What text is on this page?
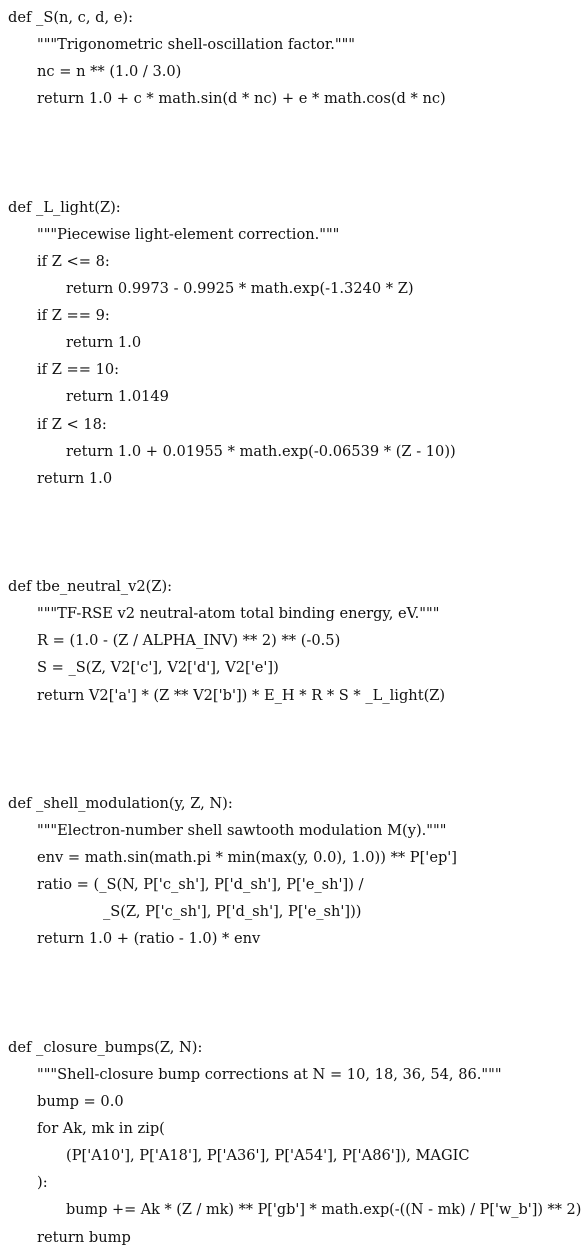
def _S(n, c, d, e):
"""Trigonometric shell-oscillation factor."""
nc = n ** (1.0 / 3.0)
return 1.0 + c * math.sin(d * nc) + e * math.cos(d * nc)
def _L_light(Z):
"""Piecewise light-element correction."""
if Z <= 8:
return 0.9973 - 0.9925 * math.exp(-1.3240 * Z)
if Z == 9:
return 1.0
if Z == 10:
return 1.0149
if Z < 18:
return 1.0 + 0.01955 * math.exp(-0.06539 * (Z - 10))
return 1.0
def tbe_neutral_v2(Z):
"""TF-RSE v2 neutral-atom total binding energy, eV."""
R = (1.0 - (Z / ALPHA_INV) ** 2) ** (-0.5)
S = _S(Z, V2['c'], V2['d'], V2['e'])
return V2['a'] * (Z ** V2['b']) * E_H * R * S * _L_light(Z)
def _shell_modulation(y, Z, N):
"""Electron-number shell sawtooth modulation M(y)."""
env = math.sin(math.pi * min(max(y, 0.0), 1.0)) ** P['ep']
ratio = (_S(N, P['c_sh'], P['d_sh'], P['e_sh']) /
_S(Z, P['c_sh'], P['d_sh'], P['e_sh']))
return 1.0 + (ratio - 1.0) * env
def _closure_bumps(Z, N):
"""Shell-closure bump corrections at N = 10, 18, 36, 54, 86."""
bump = 0.0
for Ak, mk in zip(
(P['A10'], P['A18'], P['A36'], P['A54'], P['A86']), MAGIC
):
bump += Ak * (Z / mk) ** P['gb'] * math.exp(-((N - mk) / P['w_b']) ** 2)
return bump
